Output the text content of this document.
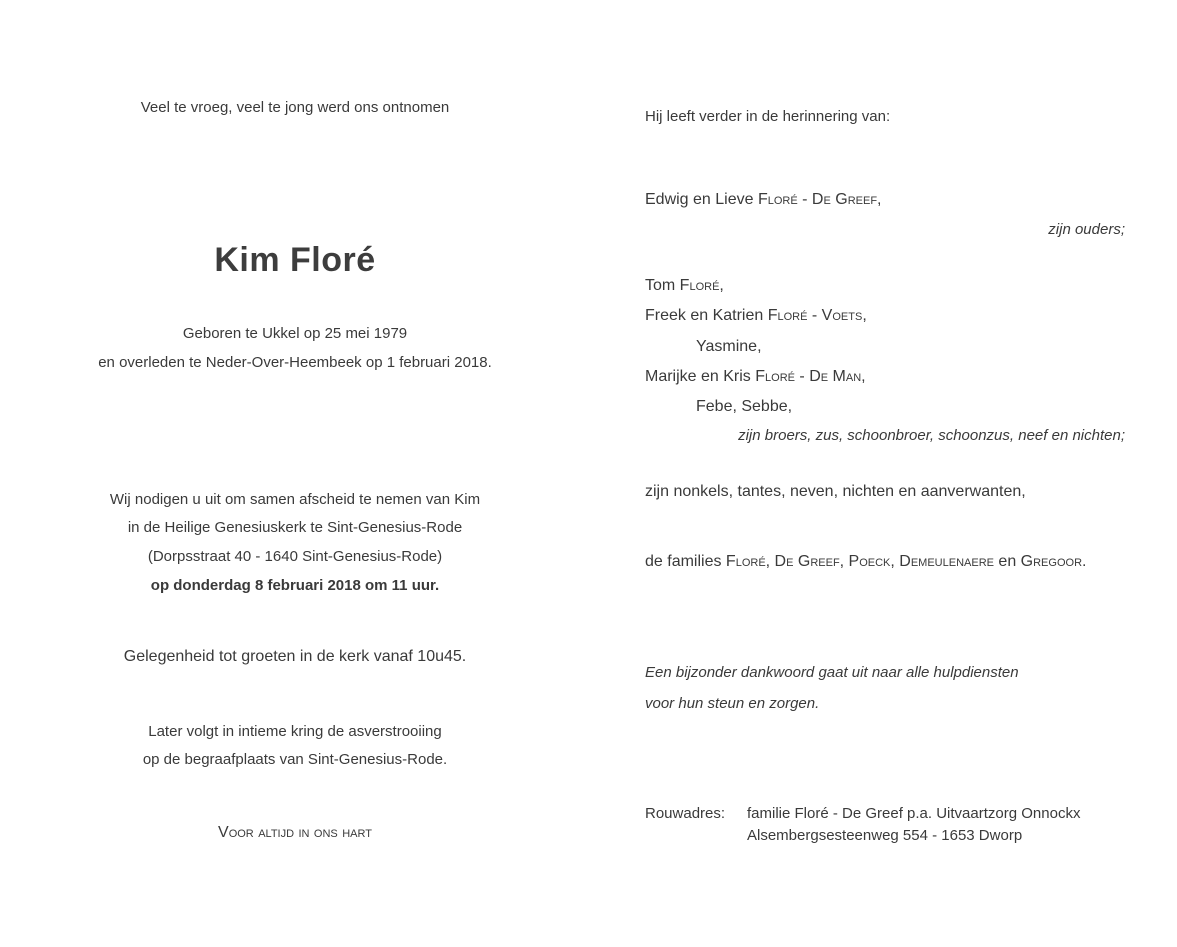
Veel te vroeg, veel te jong werd ons ontnomen
Kim Floré
Geboren te Ukkel op 25 mei 1979
en overleden te Neder-Over-Heembeek op 1 februari 2018.
Wij nodigen u uit om samen afscheid te nemen van Kim
in de Heilige Genesiuskerk te Sint-Genesius-Rode
(Dorpsstraat 40 - 1640 Sint-Genesius-Rode)
op donderdag 8 februari 2018 om 11 uur.
Gelegenheid tot groeten in de kerk vanaf 10u45.
Later volgt in intieme kring de asverstrooiing
op de begraafplaats van Sint-Genesius-Rode.
Voor altijd in ons hart
Hij leeft verder in de herinnering van:
Edwig en Lieve Floré - De Greef,
zijn ouders;
Tom Floré,
Freek en Katrien Floré - Voets,
Yasmine,
Marijke en Kris Floré - De Man,
Febe, Sebbe,
zijn broers, zus, schoonbroer, schoonzus, neef en nichten;
zijn nonkels, tantes, neven, nichten en aanverwanten,
de families Floré, De Greef, Poeck, Demeulenaere en Gregoor.
Een bijzonder dankwoord gaat uit naar alle hulpdiensten
voor hun steun en zorgen.
Rouwadres: familie Floré - De Greef p.a. Uitvaartzorg Onnockx
Alsembergsesteenweg 554 - 1653 Dworp
